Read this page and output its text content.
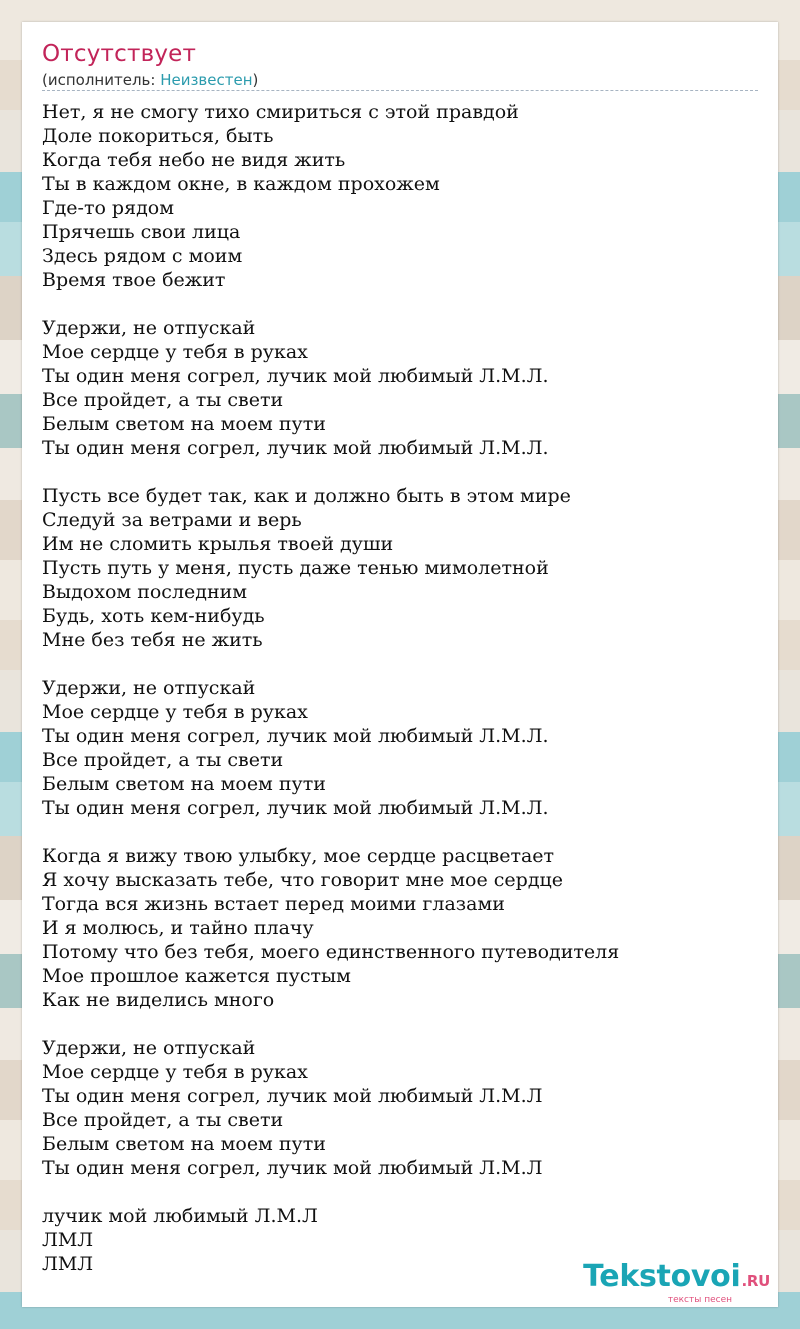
Отсутствует
(исполнитель: Неизвестен)
Нет, я не смогу тихо смириться с этой правдой
Доле покориться, быть
Когда тебя небо не видя жить
Ты в каждом окне, в каждом прохожем
Где-то рядом
Прячешь свои лица
Здесь рядом с моим
Время твое бежит
Удержи, не отпускай
Мое сердце у тебя в руках
Ты один меня согрел, лучик мой любимый Л.М.Л.
Все пройдет, а ты свети
Белым светом на моем пути
Ты один меня согрел, лучик мой любимый Л.М.Л.
Пусть все будет так, как и должно быть в этом мире
Следуй за ветрами и верь
Им не сломить крылья твоей души
Пусть путь у меня, пусть даже тенью мимолетной
Выдохом последним
Будь, хоть кем-нибудь
Мне без тебя не жить
Удержи, не отпускай
Мое сердце у тебя в руках
Ты один меня согрел, лучик мой любимый Л.М.Л.
Все пройдет, а ты свети
Белым светом на моем пути
Ты один меня согрел, лучик мой любимый Л.М.Л.
Когда я вижу твою улыбку, мое сердце расцветает
Я хочу высказать тебе, что говорит мне мое сердце
Тогда вся жизнь встает перед моими глазами
И я молюсь, и тайно плачу
Потому что без тебя, моего единственного путеводителя
Мое прошлое кажется пустым
Как не виделись много
Удержи, не отпускай
Мое сердце у тебя в руках
Ты один меня согрел, лучик мой любимый Л.М.Л
Все пройдет, а ты свети
Белым светом на моем пути
Ты один меня согрел, лучик мой любимый Л.М.Л
лучик мой любимый Л.М.Л
ЛМЛ
ЛМЛ	Tekstovoi.RU
тексты песен
